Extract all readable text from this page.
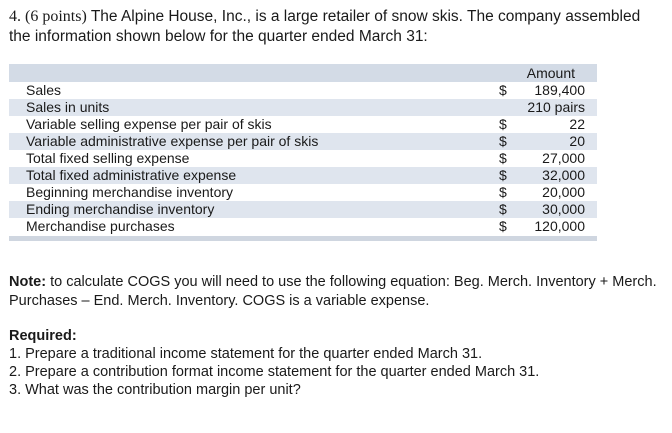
4. (6 points) The Alpine House, Inc., is a large retailer of snow skis. The company assembled the information shown below for the quarter ended March 31:
Amount
Sales	$ 189,400
Sales in units	210 pairs
Variable selling expense per pair of skis	$	22
Variable administrative expense per pair of skis	$	20
Total fixed selling expense	$	27,000
Total fixed administrative expense	$	32,000
Beginning merchandise inventory	$	20,000
Ending merchandise inventory	$	30,000
Merchandise purchases	$ 120,000
Note: to calculate COGS you will need to use the following equation: Beg. Merch. Inventory + Merch. Purchases – End. Merch. Inventory. COGS is a variable expense.
Required:
1. Prepare a traditional income statement for the quarter ended March 31.
2. Prepare a contribution format income statement for the quarter ended March 31.
3. What was the contribution margin per unit?
